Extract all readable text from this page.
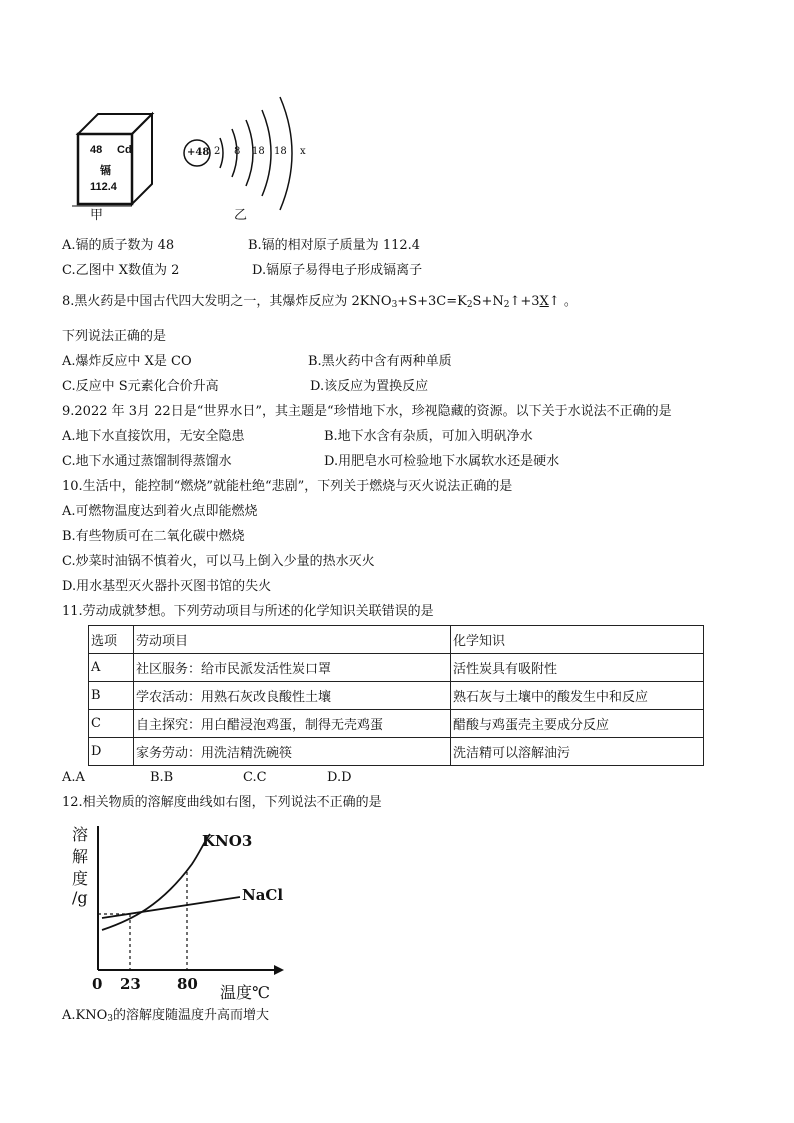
48 Cd
镉
112.4
甲
+48 2 8 18 18 x
乙
A.镉的质子数为 48	B.镉的相对原子质量为 112.4
C.乙图中 X数值为 2	D.镉原子易得电子形成镉离子
8.黑火药是中国古代四大发明之一，其爆炸反应为 $2KNO_3+S+3C=K_2S+N_2↑+3X↑$ 。
下列说法正确的是
A.爆炸反应中 X是 CO	B.黑火药中含有两种单质
C.反应中 S元素化合价升高	D.该反应为置换反应
9.2022 年 3月 22日是“世界水日”，其主题是“珍惜地下水，珍视隐藏的资源。以下关于水说法不正确的是
A.地下水直接饮用，无安全隐患	B.地下水含有杂质，可加入明矾净水
C.地下水通过蒸馏制得蒸馏水	D.用肥皂水可检验地下水属软水还是硬水
10.生活中，能控制“燃烧”就能杜绝“悲剧”，下列关于燃烧与灭火说法正确的是
A.可燃物温度达到着火点即能燃烧
B.有些物质可在二氧化碳中燃烧
C.炒菜时油锅不慎着火，可以马上倒入少量的热水灭火
D.用水基型灭火器扑灭图书馆的失火
11.劳动成就梦想。下列劳动项目与所述的化学知识关联错误的是
选项	劳动项目	化学知识
A	社区服务：给市民派发活性炭口罩	活性炭具有吸附性
B	学农活动：用熟石灰改良酸性土壤	熟石灰与土壤中的酸发生中和反应
C	自主探究：用白醋浸泡鸡蛋，制得无壳鸡蛋	醋酸与鸡蛋壳主要成分反应
D	家务劳动：用洗洁精洗碗筷	洗洁精可以溶解油污
A.A	B.B	C.C	D.D
12.相关物质的溶解度曲线如右图，下列说法不正确的是
溶
解
度
/g
KNO3
NaCl
0 23 80 温度℃
$A.KNO_3$的溶解度随温度升高而增大
